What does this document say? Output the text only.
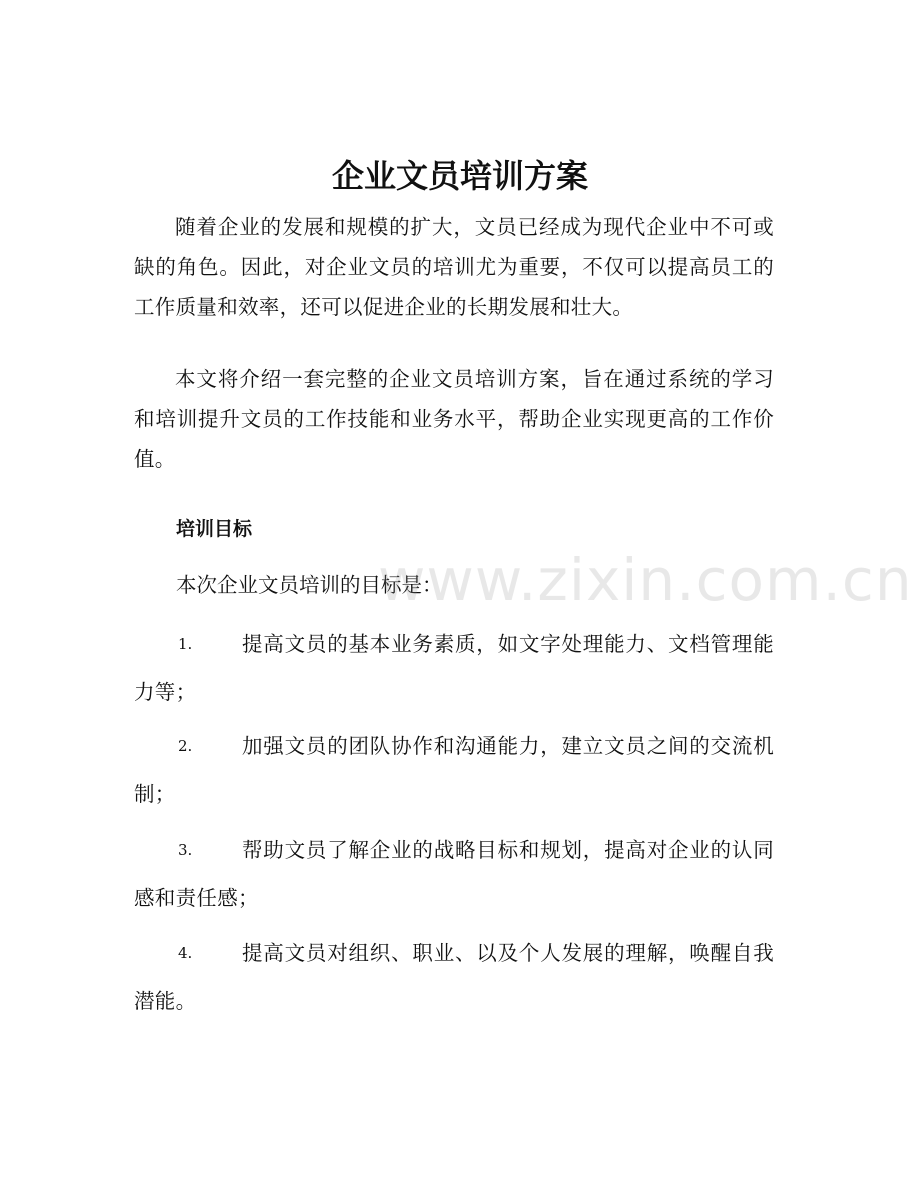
企业文员培训方案

随着企业的发展和规模的扩大，文员已经成为现代企业中不可或缺的角色。因此，对企业文员的培训尤为重要，不仅可以提高员工的工作质量和效率，还可以促进企业的长期发展和壮大。

本文将介绍一套完整的企业文员培训方案，旨在通过系统的学习和培训提升文员的工作技能和业务水平，帮助企业实现更高的工作价值。

培训目标

本次企业文员培训的目标是：

1.	提高文员的基本业务素质，如文字处理能力、文档管理能力等；
2.	加强文员的团队协作和沟通能力，建立文员之间的交流机制；
3.	帮助文员了解企业的战略目标和规划，提高对企业的认同感和责任感；
4.	提高文员对组织、职业、以及个人发展的理解，唤醒自我潜能。
www.zixin.com.cn
